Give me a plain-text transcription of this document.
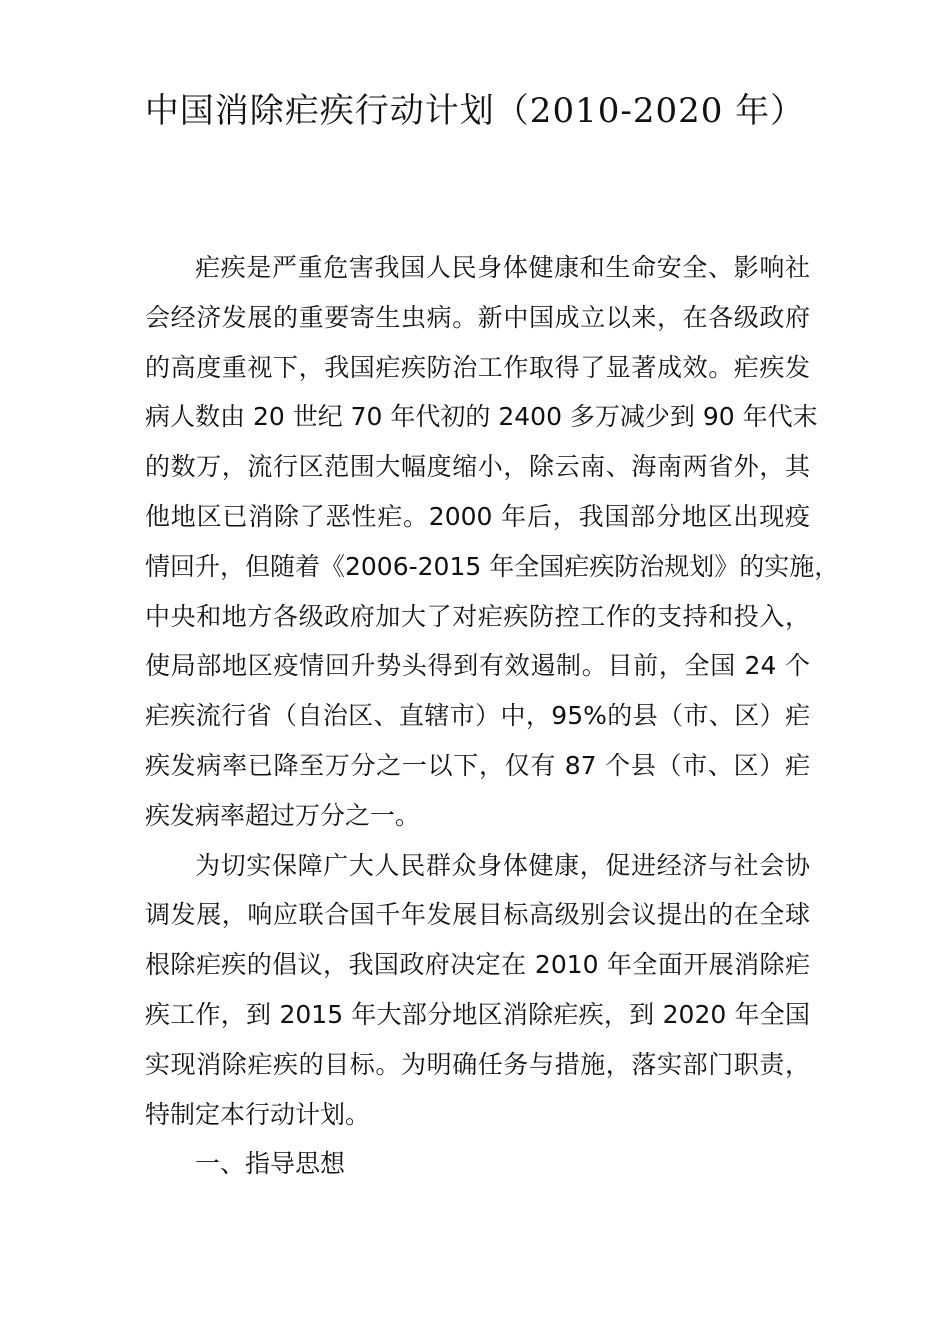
中国消除疟疾行动计划（2010-2020 年）
疟疾是严重危害我国人民身体健康和生命安全、影响社
会经济发展的重要寄生虫病。新中国成立以来，在各级政府
的高度重视下，我国疟疾防治工作取得了显著成效。疟疾发
病人数由 20 世纪 70 年代初的 2400 多万减少到 90 年代末
的数万，流行区范围大幅度缩小，除云南、海南两省外，其
他地区已消除了恶性疟。2000 年后，我国部分地区出现疫
情回升，但随着《2006-2015 年全国疟疾防治规划》的实施，
中央和地方各级政府加大了对疟疾防控工作的支持和投入，
使局部地区疫情回升势头得到有效遏制。目前，全国 24 个
疟疾流行省（自治区、直辖市）中，95%的县（市、区）疟
疾发病率已降至万分之一以下，仅有 87 个县（市、区）疟
疾发病率超过万分之一。
为切实保障广大人民群众身体健康，促进经济与社会协
调发展，响应联合国千年发展目标高级别会议提出的在全球
根除疟疾的倡议，我国政府决定在 2010 年全面开展消除疟
疾工作，到 2015 年大部分地区消除疟疾，到 2020 年全国
实现消除疟疾的目标。为明确任务与措施，落实部门职责，
特制定本行动计划。
一、指导思想
